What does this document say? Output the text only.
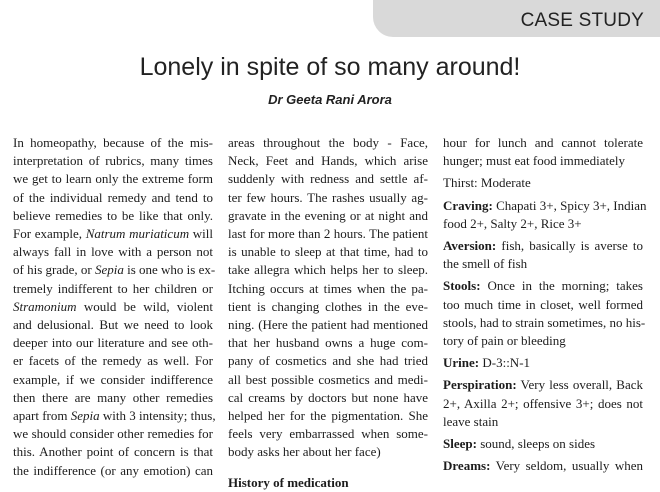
CASE STUDY
Lonely in spite of so many around!
Dr Geeta Rani Arora
In homeopathy, because of the mis-
interpretation of rubrics, many times
we get to learn only the extreme form
of the individual remedy and tend to
believe remedies to be like that only.
For example, Natrum muriaticum will
always fall in love with a person not
of his grade, or Sepia is one who is ex-
tremely indifferent to her children or
Stramonium would be wild, violent
and delusional. But we need to look
deeper into our literature and see oth-
er facets of the remedy as well. For
example, if we consider indifference
then there are many other remedies
apart from Sepia with 3 intensity; thus,
we should consider other remedies for
this. Another point of concern is that
the indifference (or any emotion) can
areas throughout the body - Face,
Neck, Feet and Hands, which arise
suddenly with redness and settle af-
ter few hours. The rashes usually ag-
gravate in the evening or at night and
last for more than 2 hours. The patient
is unable to sleep at that time, had to
take allegra which helps her to sleep.
Itching occurs at times when the pa-
tient is changing clothes in the eve-
ning. (Here the patient had mentioned
that her husband owns a huge com-
pany of cosmetics and she had tried
all best possible cosmetics and medi-
cal creams by doctors but none have
helped her for the pigmentation. She
feels very embarrassed when some-
body asks her about her face)
History of medication
hour for lunch and cannot tolerate
hunger; must eat food immediately
Thirst: Moderate
Craving: Chapati 3+, Spicy 3+, Indian
food 2+, Salty 2+, Rice 3+
Aversion: fish, basically is averse to
the smell of fish
Stools: Once in the morning; takes
too much time in closet, well formed
stools, had to strain sometimes, no his-
tory of pain or bleeding
Urine: D-3::N-1
Perspiration: Very less overall, Back
2+, Axilla 2+; offensive 3+; does not
leave stain
Sleep: sound, sleeps on sides
Dreams: Very seldom, usually when
